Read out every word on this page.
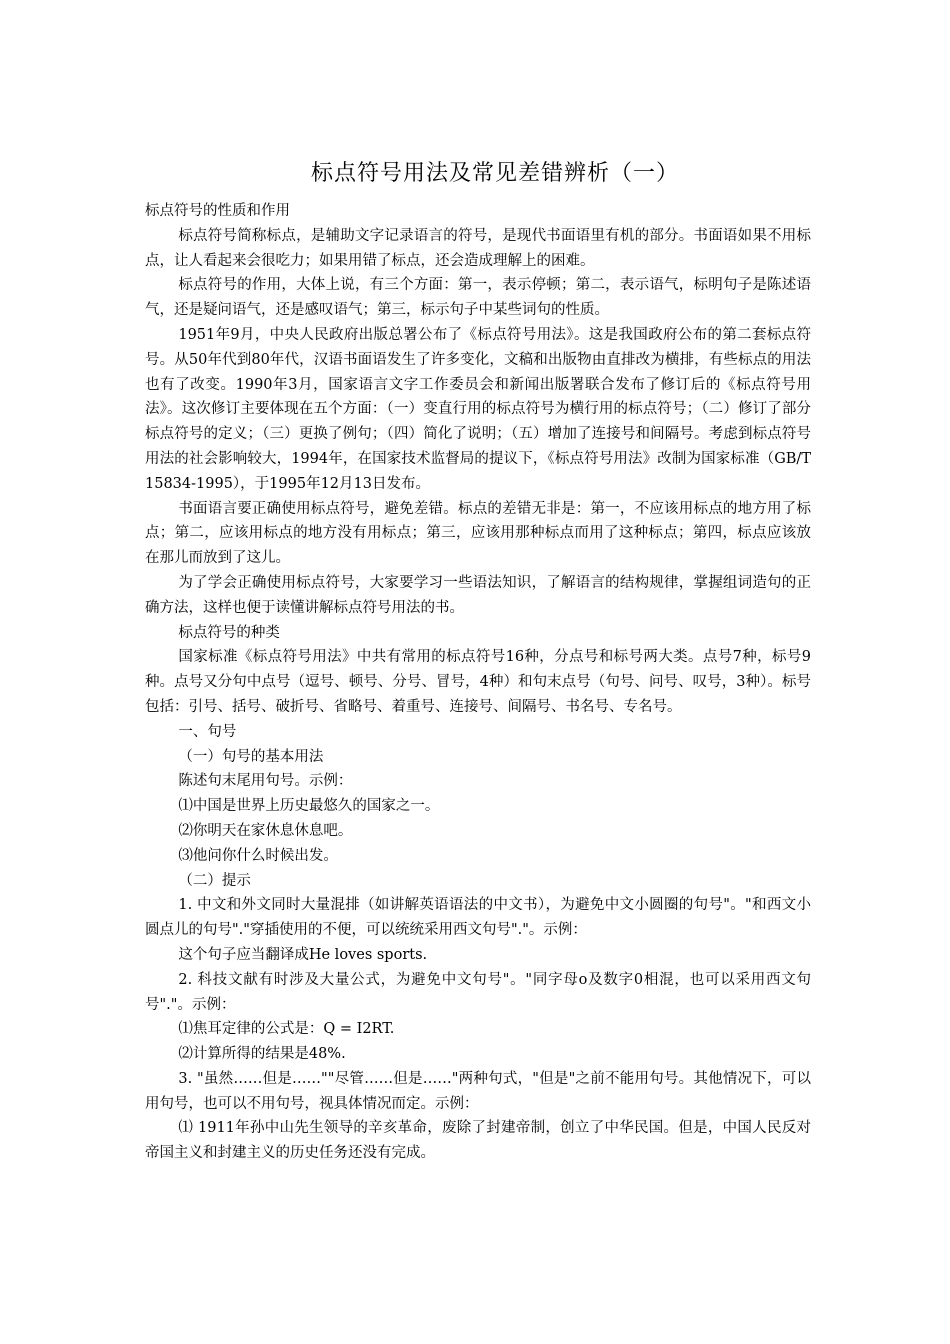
标点符号用法及常见差错辨析（一）

标点符号的性质和作用

标点符号简称标点，是辅助文字记录语言的符号，是现代书面语里有机的部分。书面语如果不用标点，让人看起来会很吃力；如果用错了标点，还会造成理解上的困难。

标点符号的作用，大体上说，有三个方面：第一，表示停顿；第二，表示语气，标明句子是陈述语气，还是疑问语气，还是感叹语气；第三，标示句子中某些词句的性质。

1951年9月，中央人民政府出版总署公布了《标点符号用法》。这是我国政府公布的第二套标点符号。从50年代到80年代，汉语书面语发生了许多变化，文稿和出版物由直排改为横排，有些标点的用法也有了改变。1990年3月，国家语言文字工作委员会和新闻出版署联合发布了修订后的《标点符号用法》。这次修订主要体现在五个方面：（一）变直行用的标点符号为横行用的标点符号；（二）修订了部分标点符号的定义；（三）更换了例句；（四）简化了说明；（五）增加了连接号和间隔号。考虑到标点符号用法的社会影响较大，1994年，在国家技术监督局的提议下，《标点符号用法》改制为国家标准（GB/T 15834-1995），于1995年12月13日发布。

书面语言要正确使用标点符号，避免差错。标点的差错无非是：第一，不应该用标点的地方用了标点；第二，应该用标点的地方没有用标点；第三，应该用那种标点而用了这种标点；第四，标点应该放在那儿而放到了这儿。

为了学会正确使用标点符号，大家要学习一些语法知识，了解语言的结构规律，掌握组词造句的正确方法，这样也便于读懂讲解标点符号用法的书。

标点符号的种类

国家标准《标点符号用法》中共有常用的标点符号16种，分点号和标号两大类。点号7种，标号9种。点号又分句中点号（逗号、顿号、分号、冒号，4种）和句末点号（句号、问号、叹号，3种）。标号包括：引号、括号、破折号、省略号、着重号、连接号、间隔号、书名号、专名号。

一、句号

（一）句号的基本用法

陈述句末尾用句号。示例：

⑴中国是世界上历史最悠久的国家之一。

⑵你明天在家休息休息吧。

⑶他问你什么时候出发。

（二）提示

1. 中文和外文同时大量混排（如讲解英语语法的中文书），为避免中文小圆圈的句号"。"和西文小圆点儿的句号"."穿插使用的不便，可以统统采用西文句号"."。示例：

这个句子应当翻译成He loves sports.

2. 科技文献有时涉及大量公式，为避免中文句号"。"同字母o及数字0相混，也可以采用西文句号"."。示例：

⑴焦耳定律的公式是：Q = I2RT.

⑵计算所得的结果是48%.

3. "虽然……但是……""尽管……但是……"两种句式，"但是"之前不能用句号。其他情况下，可以用句号，也可以不用句号，视具体情况而定。示例：

⑴ 1911年孙中山先生领导的辛亥革命，废除了封建帝制，创立了中华民国。但是，中国人民反对帝国主义和封建主义的历史任务还没有完成。
